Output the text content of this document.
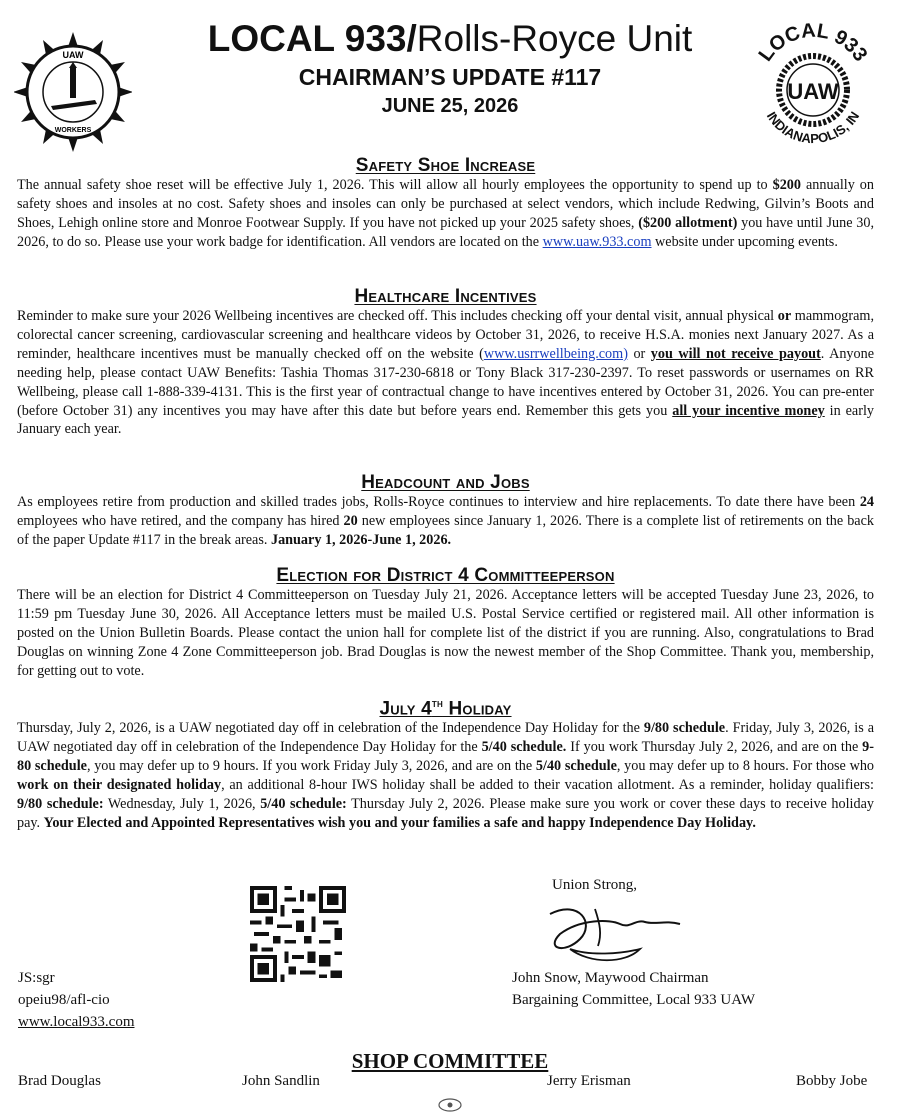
UAW
WORKERS
LOCAL 933/Rolls-Royce Unit
CHAIRMAN’S UPDATE #117
JUNE 25, 2026
LOCAL 933
INDIANAPOLIS, IN
UAW
Safety Shoe Increase

The annual safety shoe reset will be effective July 1, 2026. This will allow all hourly employees the opportunity to spend up to $200 annually on safety shoes and insoles at no cost. Safety shoes and insoles can only be purchased at select vendors, which include Redwing, Gilvin’s Boots and Shoes, Lehigh online store and Monroe Footwear Supply. If you have not picked up your 2025 safety shoes, ($200 allotment) you have until June 30, 2026, to do so. Please use your work badge for identification. All vendors are located on the www.uaw.933.com website under upcoming events.

Healthcare Incentives

Reminder to make sure your 2026 Wellbeing incentives are checked off. This includes checking off your dental visit, annual physical or mammogram, colorectal cancer screening, cardiovascular screening and healthcare videos by October 31, 2026, to receive H.S.A. monies next January 2027. As a reminder, healthcare incentives must be manually checked off on the website (www.usrrwellbeing.com) or you will not receive payout. Anyone needing help, please contact UAW Benefits: Tashia Thomas 317-230-6818 or Tony Black 317-230-2397. To reset passwords or usernames on RR Wellbeing, please call 1-888-339-4131. This is the first year of contractual change to have incentives entered by October 31, 2026. You can pre-enter (before October 31) any incentives you may have after this date but before years end. Remember this gets you all your incentive money in early January each year.

Headcount and Jobs

As employees retire from production and skilled trades jobs, Rolls-Royce continues to interview and hire replacements. To date there have been 24 employees who have retired, and the company has hired 20 new employees since January 1, 2026. There is a complete list of retirements on the back of the paper Update #117 in the break areas. January 1, 2026-June 1, 2026.

Election for District 4 Committeeperson

There will be an election for District 4 Committeeperson on Tuesday July 21, 2026. Acceptance letters will be accepted Tuesday June 23, 2026, to 11:59 pm Tuesday June 30, 2026. All Acceptance letters must be mailed U.S. Postal Service certified or registered mail. All other information is posted on the Union Bulletin Boards. Please contact the union hall for complete list of the district if you are running. Also, congratulations to Brad Douglas on winning Zone 4 Zone Committeeperson job. Brad Douglas is now the newest member of the Shop Committee. Thank you, membership, for getting out to vote.

July 4th Holiday

Thursday, July 2, 2026, is a UAW negotiated day off in celebration of the Independence Day Holiday for the 9/80 schedule. Friday, July 3, 2026, is a UAW negotiated day off in celebration of the Independence Day Holiday for the 5/40 schedule. If you work Thursday July 2, 2026, and are on the 9-80 schedule, you may defer up to 9 hours. If you work Friday July 3, 2026, and are on the 5/40 schedule, you may defer up to 8 hours. For those who work on their designated holiday, an additional 8-hour IWS holiday shall be added to their vacation allotment. As a reminder, holiday qualifiers: 9/80 schedule: Wednesday, July 1, 2026, 5/40 schedule: Thursday July 2, 2026. Please make sure you work or cover these days to receive holiday pay. Your Elected and Appointed Representatives wish you and your families a safe and happy Independence Day Holiday.

Union Strong,
John Snow, Maywood Chairman
Bargaining Committee, Local 933 UAW
JS:sgr
opeiu98/afl-cio
www.local933.com
SHOP COMMITTEE
Brad Douglas	John Sandlin	Jerry Erisman	Bobby Jobe
